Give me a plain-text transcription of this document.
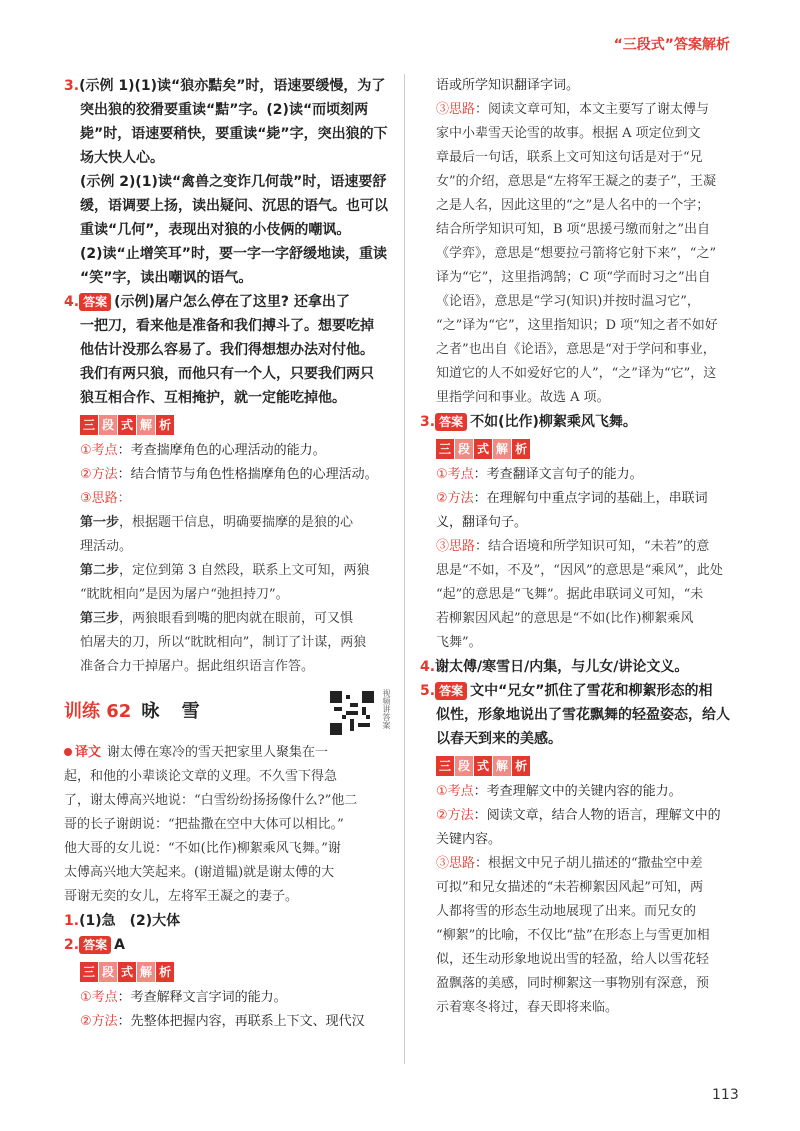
“三段式”答案解析

3.(示例 1)(1)读“狼亦黠矣”时，语速要缓慢，为了

突出狼的狡猾要重读“黠”字。(2)读“而顷刻两

毙”时，语速要稍快，要重读“毙”字，突出狼的下

场大快人心。

(示例 2)(1)读“禽兽之变诈几何哉”时，语速要舒

缓，语调要上扬，读出疑问、沉思的语气。也可以

重读“几何”，表现出对狼的小伎俩的嘲讽。

(2)读“止增笑耳”时，要一字一字舒缓地读，重读

“笑”字，读出嘲讽的语气。

4. 答案 (示例)屠户怎么停在了这里? 还拿出了

一把刀，看来他是准备和我们搏斗了。想要吃掉

他估计没那么容易了。我们得想想办法对付他。

我们有两只狼，而他只有一个人，只要我们两只

狼互相合作、互相掩护，就一定能吃掉他。

三 段 式 解 析

①考点：考查揣摩角色的心理活动的能力。

②方法：结合情节与角色性格揣摩角色的心理活动。

③思路：

第一步，根据题干信息，明确要揣摩的是狼的心

理活动。

第二步，定位到第 3 自然段，联系上文可知，两狼

“眈眈相向”是因为屠户“弛担持刀”。

第三步，两狼眼看到嘴的肥肉就在眼前，可又惧

怕屠夫的刀，所以“眈眈相向”，制订了计谋，两狼

准备合力干掉屠户。据此组织语言作答。

训练 62 咏 雪	视频讲答案

译文 谢太傅在寒冷的雪天把家里人聚集在一

起，和他的小辈谈论文章的义理。不久雪下得急

了，谢太傅高兴地说：“白雪纷纷扬扬像什么?”他二

哥的长子谢朗说：“把盐撒在空中大体可以相比。”

他大哥的女儿说：“不如(比作)柳絮乘风飞舞。”谢

太傅高兴地大笑起来。(谢道韫)就是谢太傅的大

哥谢无奕的女儿，左将军王凝之的妻子。

1.(1)急　(2)大体

2. 答案 A

三 段 式 解 析

①考点：考查解释文言字词的能力。

②方法：先整体把握内容，再联系上下文、现代汉

语或所学知识翻译字词。

③思路：阅读文章可知，本文主要写了谢太傅与

家中小辈雪天论雪的故事。根据 A 项定位到文

章最后一句话，联系上文可知这句话是对于“兄

女”的介绍，意思是“左将军王凝之的妻子”，王凝

之是人名，因此这里的“之”是人名中的一个字；

结合所学知识可知，B 项“思援弓缴而射之”出自

《学弈》，意思是“想要拉弓箭将它射下来”，“之”

译为“它”，这里指鸿鹄；C 项“学而时习之”出自

《论语》，意思是“学习(知识)并按时温习它”，

“之”译为“它”，这里指知识；D 项“知之者不如好

之者”也出自《论语》，意思是“对于学问和事业，

知道它的人不如爱好它的人”，“之”译为“它”，这

里指学问和事业。故选 A 项。

3. 答案 不如(比作)柳絮乘风飞舞。

三 段 式 解 析

①考点：考查翻译文言句子的能力。

②方法：在理解句中重点字词的基础上，串联词

义，翻译句子。

③思路：结合语境和所学知识可知，“未若”的意

思是“不如，不及”，“因风”的意思是“乘风”，此处

“起”的意思是“飞舞”。据此串联词义可知，“未

若柳絮因风起”的意思是“不如(比作)柳絮乘风

飞舞”。

4.谢太傅/寒雪日/内集，与儿女/讲论文义。

5. 答案 文中“兄女”抓住了雪花和柳絮形态的相

似性，形象地说出了雪花飘舞的轻盈姿态，给人

以春天到来的美感。

三 段 式 解 析

①考点：考查理解文中的关键内容的能力。

②方法：阅读文章，结合人物的语言，理解文中的

关键内容。

③思路：根据文中兄子胡儿描述的“撒盐空中差

可拟”和兄女描述的“未若柳絮因风起”可知，两

人都将雪的形态生动地展现了出来。而兄女的

“柳絮”的比喻，不仅比“盐”在形态上与雪更加相

似，还生动形象地说出雪的轻盈，给人以雪花轻

盈飘落的美感，同时柳絮这一事物别有深意，预

示着寒冬将过，春天即将来临。

113
